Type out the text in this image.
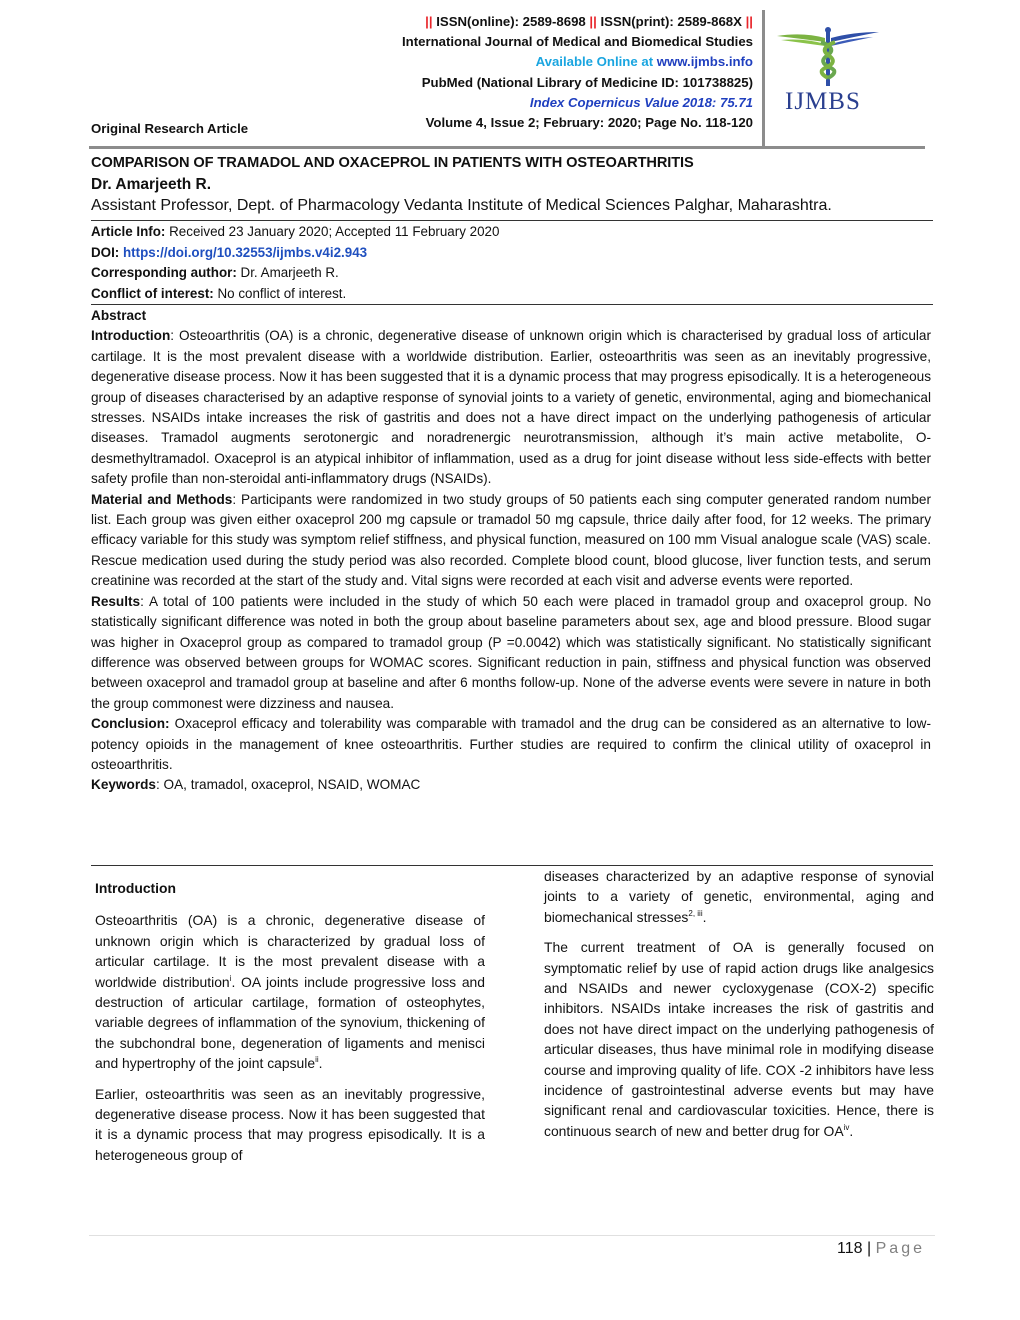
|| ISSN(online): 2589-8698 || ISSN(print): 2589-868X ||
International Journal of Medical and Biomedical Studies
Available Online at www.ijmbs.info
PubMed (National Library of Medicine ID: 101738825)
Index Copernicus Value 2018: 75.71
Volume 4, Issue 2; February: 2020; Page No. 118-120
Original Research Article
IJMBS
COMPARISON OF TRAMADOL AND OXACEPROL IN PATIENTS WITH OSTEOARTHRITIS
Dr. Amarjeeth R.
Assistant Professor, Dept. of Pharmacology Vedanta Institute of Medical Sciences Palghar, Maharashtra.
Article Info: Received 23 January 2020; Accepted 11 February 2020
DOI: https://doi.org/10.32553/ijmbs.v4i2.943
Corresponding author: Dr. Amarjeeth R.
Conflict of interest: No conflict of interest.

Abstract

Introduction: Osteoarthritis (OA) is a chronic, degenerative disease of unknown origin which is characterised by gradual loss of articular cartilage. It is the most prevalent disease with a worldwide distribution. Earlier, osteoarthritis was seen as an inevitably progressive, degenerative disease process. Now it has been suggested that it is a dynamic process that may progress episodically. It is a heterogeneous group of diseases characterised by an adaptive response of synovial joints to a variety of genetic, environmental, aging and biomechanical stresses. NSAIDs intake increases the risk of gastritis and does not a have direct impact on the underlying pathogenesis of articular diseases. Tramadol augments serotonergic and noradrenergic neurotransmission, although it’s main active metabolite, O-desmethyltramadol. Oxaceprol is an atypical inhibitor of inflammation, used as a drug for joint disease without less side-effects with better safety profile than non-steroidal anti-inflammatory drugs (NSAIDs).

Material and Methods: Participants were randomized in two study groups of 50 patients each sing computer generated random number list. Each group was given either oxaceprol 200 mg capsule or tramadol 50 mg capsule, thrice daily after food, for 12 weeks. The primary efficacy variable for this study was symptom relief stiffness, and physical function, measured on 100 mm Visual analogue scale (VAS) scale. Rescue medication used during the study period was also recorded. Complete blood count, blood glucose, liver function tests, and serum creatinine was recorded at the start of the study and. Vital signs were recorded at each visit and adverse events were reported.

Results: A total of 100 patients were included in the study of which 50 each were placed in tramadol group and oxaceprol group. No statistically significant difference was noted in both the group about baseline parameters about sex, age and blood pressure. Blood sugar was higher in Oxaceprol group as compared to tramadol group (P =0.0042) which was statistically significant. No statistically significant difference was observed between groups for WOMAC scores. Significant reduction in pain, stiffness and physical function was observed between oxaceprol and tramadol group at baseline and after 6 months follow-up. None of the adverse events were severe in nature in both the group commonest were dizziness and nausea.

Conclusion: Oxaceprol efficacy and tolerability was comparable with tramadol and the drug can be considered as an alternative to low-potency opioids in the management of knee osteoarthritis. Further studies are required to confirm the clinical utility of oxaceprol in osteoarthritis.

Keywords: OA, tramadol, oxaceprol, NSAID, WOMAC

Introduction

Osteoarthritis (OA) is a chronic, degenerative disease of unknown origin which is characterized by gradual loss of articular cartilage. It is the most prevalent disease with a worldwide distribution$^i$. OA joints include progressive loss and destruction of articular cartilage, formation of osteophytes, variable degrees of inflammation of the synovium, thickening of the subchondral bone, degeneration of ligaments and menisci and hypertrophy of the joint capsule$^{ii}$.

Earlier, osteoarthritis was seen as an inevitably progressive, degenerative disease process. Now it has been suggested that it is a dynamic process that may progress episodically. It is a heterogeneous group of

diseases characterized by an adaptive response of synovial joints to a variety of genetic, environmental, aging and biomechanical stresses$^{2, iii}$.

The current treatment of OA is generally focused on symptomatic relief by use of rapid action drugs like analgesics and NSAIDs and newer cycloxygenase (COX-2) specific inhibitors. NSAIDs intake increases the risk of gastritis and does not have direct impact on the underlying pathogenesis of articular diseases, thus have minimal role in modifying disease course and improving quality of life. COX -2 inhibitors have less incidence of gastrointestinal adverse events but may have significant renal and cardiovascular toxicities. Hence, there is continuous search of new and better drug for OA$^{iv}$.

118 | Page
